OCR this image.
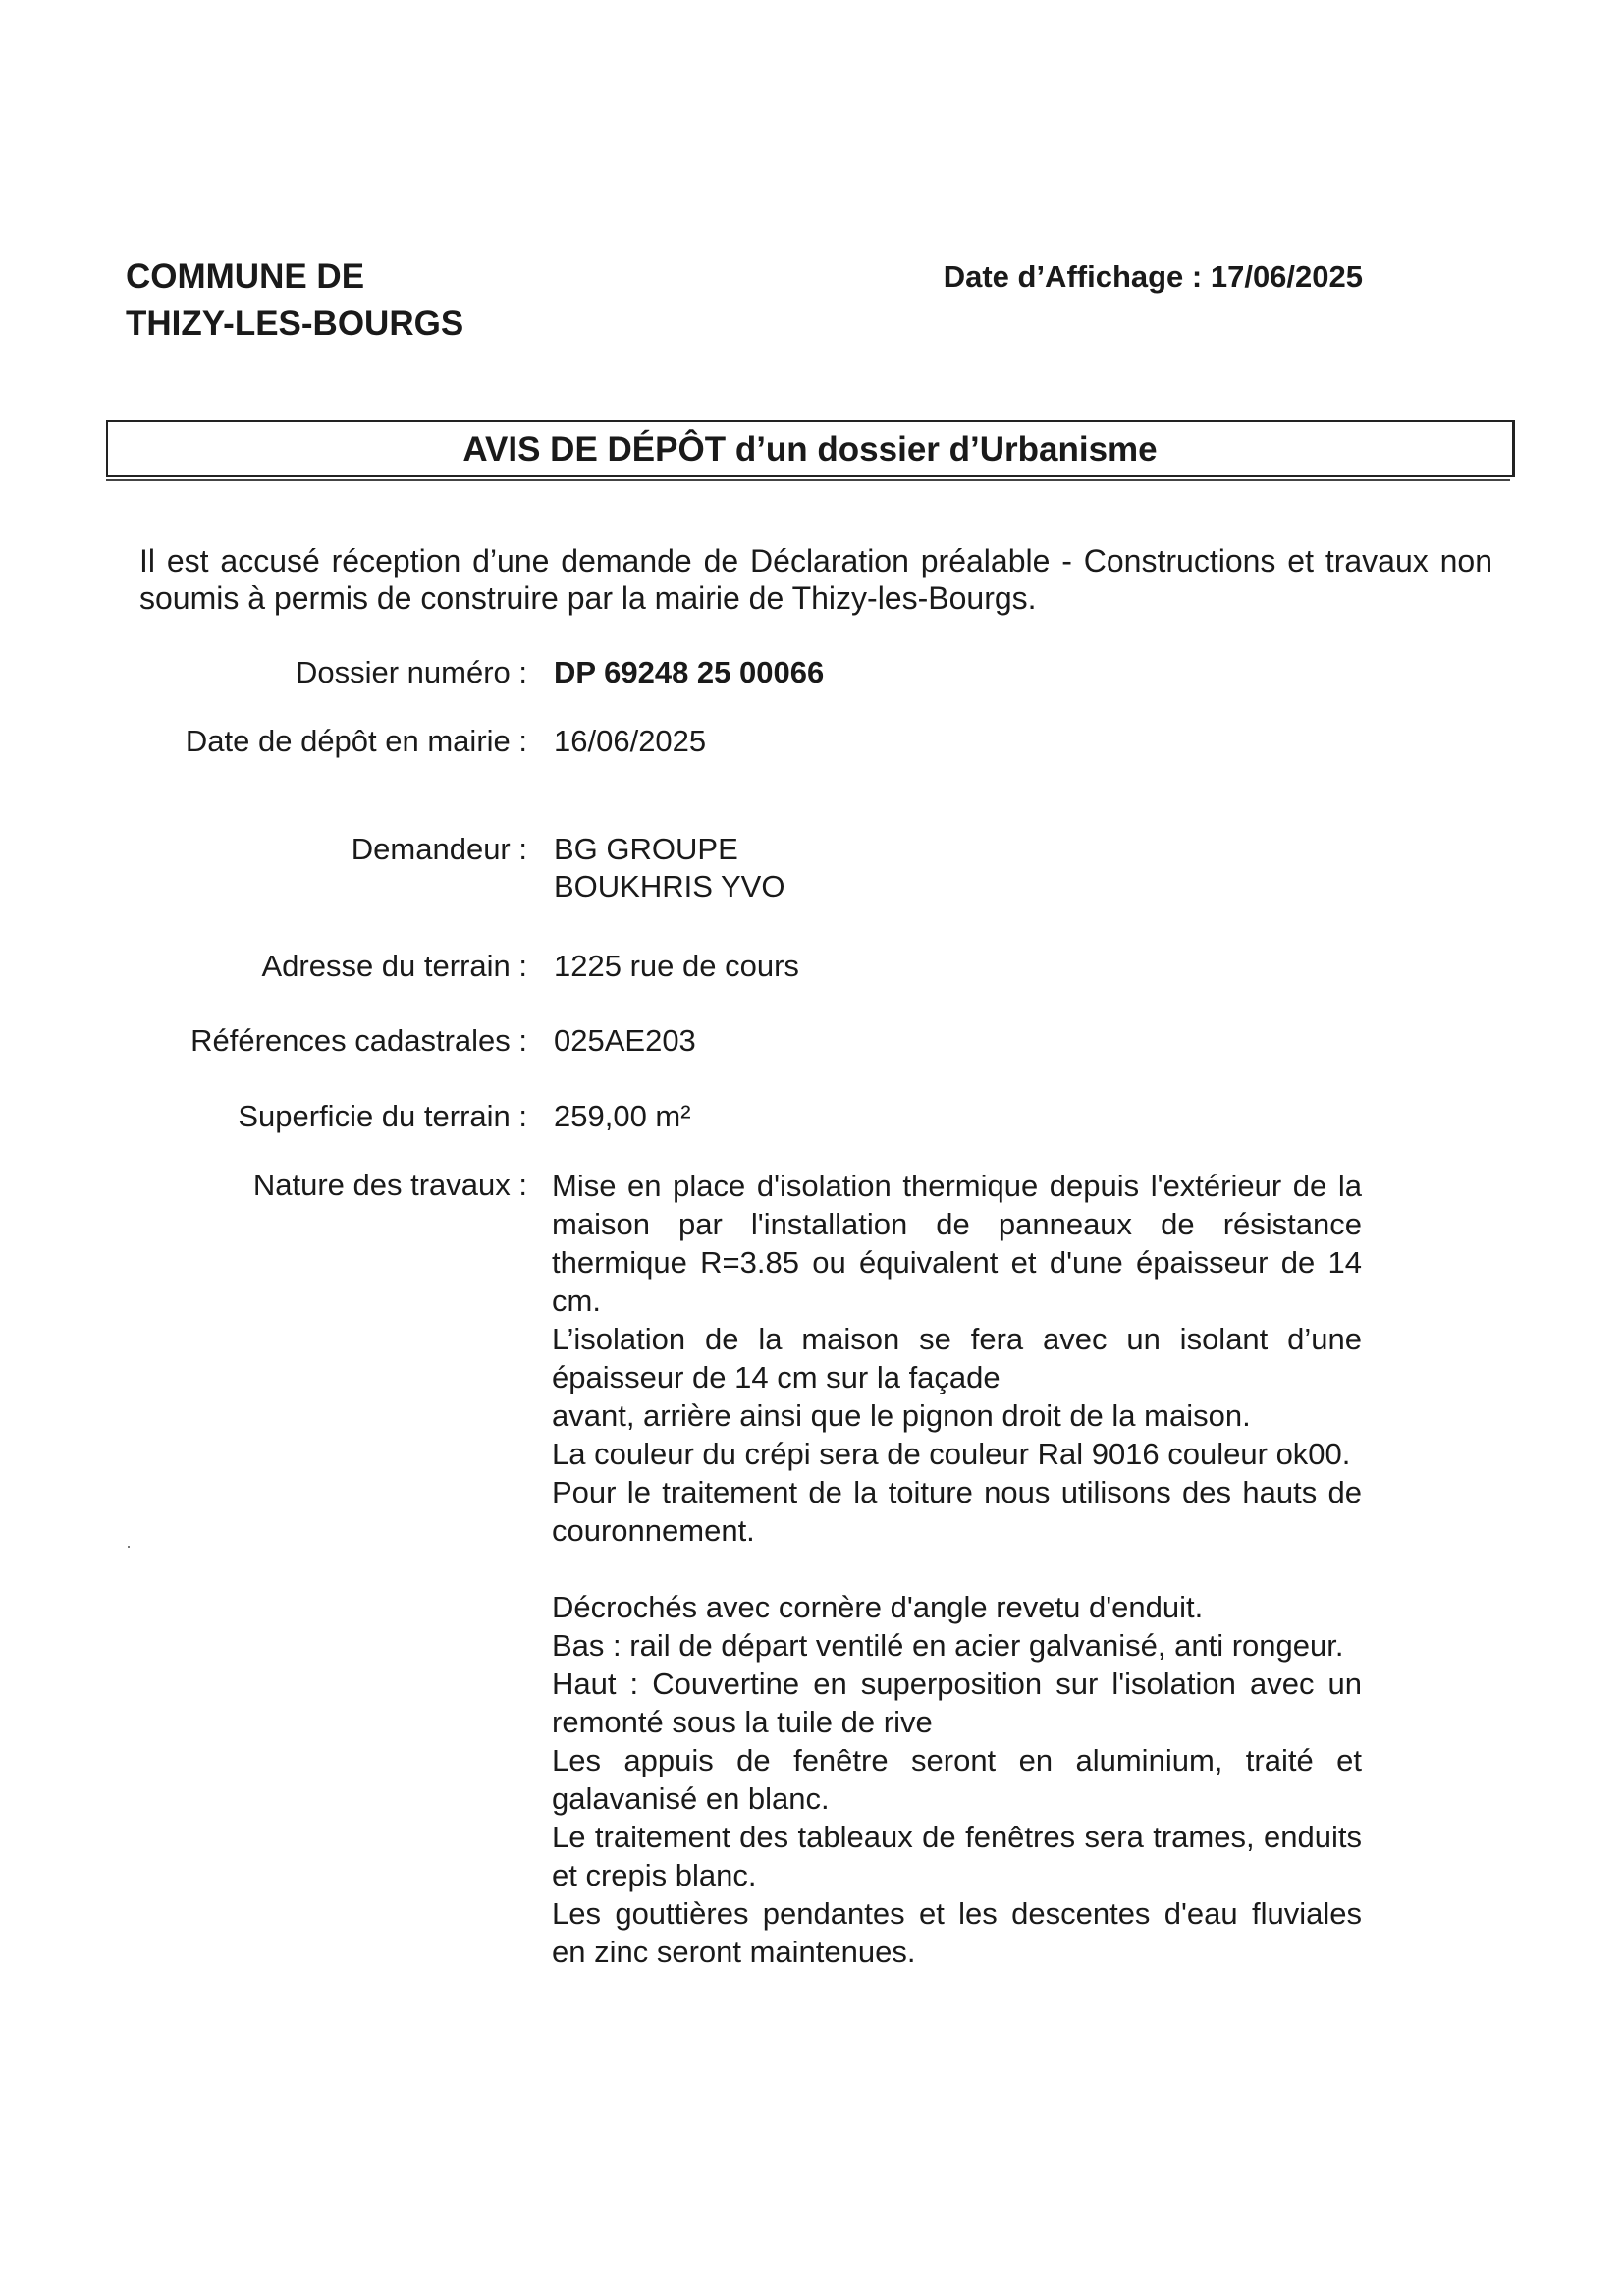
COMMUNE DE
THIZY-LES-BOURGS
Date d’Affichage : 17/06/2025
AVIS DE DÉPÔT d’un dossier d’Urbanisme
Il est accusé réception d’une demande de Déclaration préalable - Constructions et travaux non soumis à permis de construire par la mairie de Thizy-les-Bourgs.
Dossier numéro : DP 69248 25 00066
Date de dépôt en mairie : 16/06/2025
Demandeur : BG GROUPE
BOUKHRIS YVO
Adresse du terrain : 1225 rue de cours
Références cadastrales : 025AE203
Superficie du terrain : 259,00 m²
Nature des travaux : Mise en place d'isolation thermique depuis l'extérieur de la maison par l'installation de panneaux de résistance thermique R=3.85 ou équivalent et d'une épaisseur de 14 cm.

L’isolation de la maison se fera avec un isolant d’une épaisseur de 14 cm sur la façade

avant, arrière ainsi que le pignon droit de la maison.

La couleur du crépi sera de couleur Ral 9016 couleur ok00.

Pour le traitement de la toiture nous utilisons des hauts de couronnement.

Décrochés avec cornère d'angle revetu d'enduit.

Bas : rail de départ ventilé en acier galvanisé, anti rongeur.

Haut : Couvertine en superposition sur l'isolation avec un remonté sous la tuile de rive

Les appuis de fenêtre seront en aluminium, traité et galavanisé en blanc.

Le traitement des tableaux de fenêtres sera trames, enduits et crepis blanc.

Les gouttières pendantes et les descentes d'eau fluviales en zinc seront maintenues.
